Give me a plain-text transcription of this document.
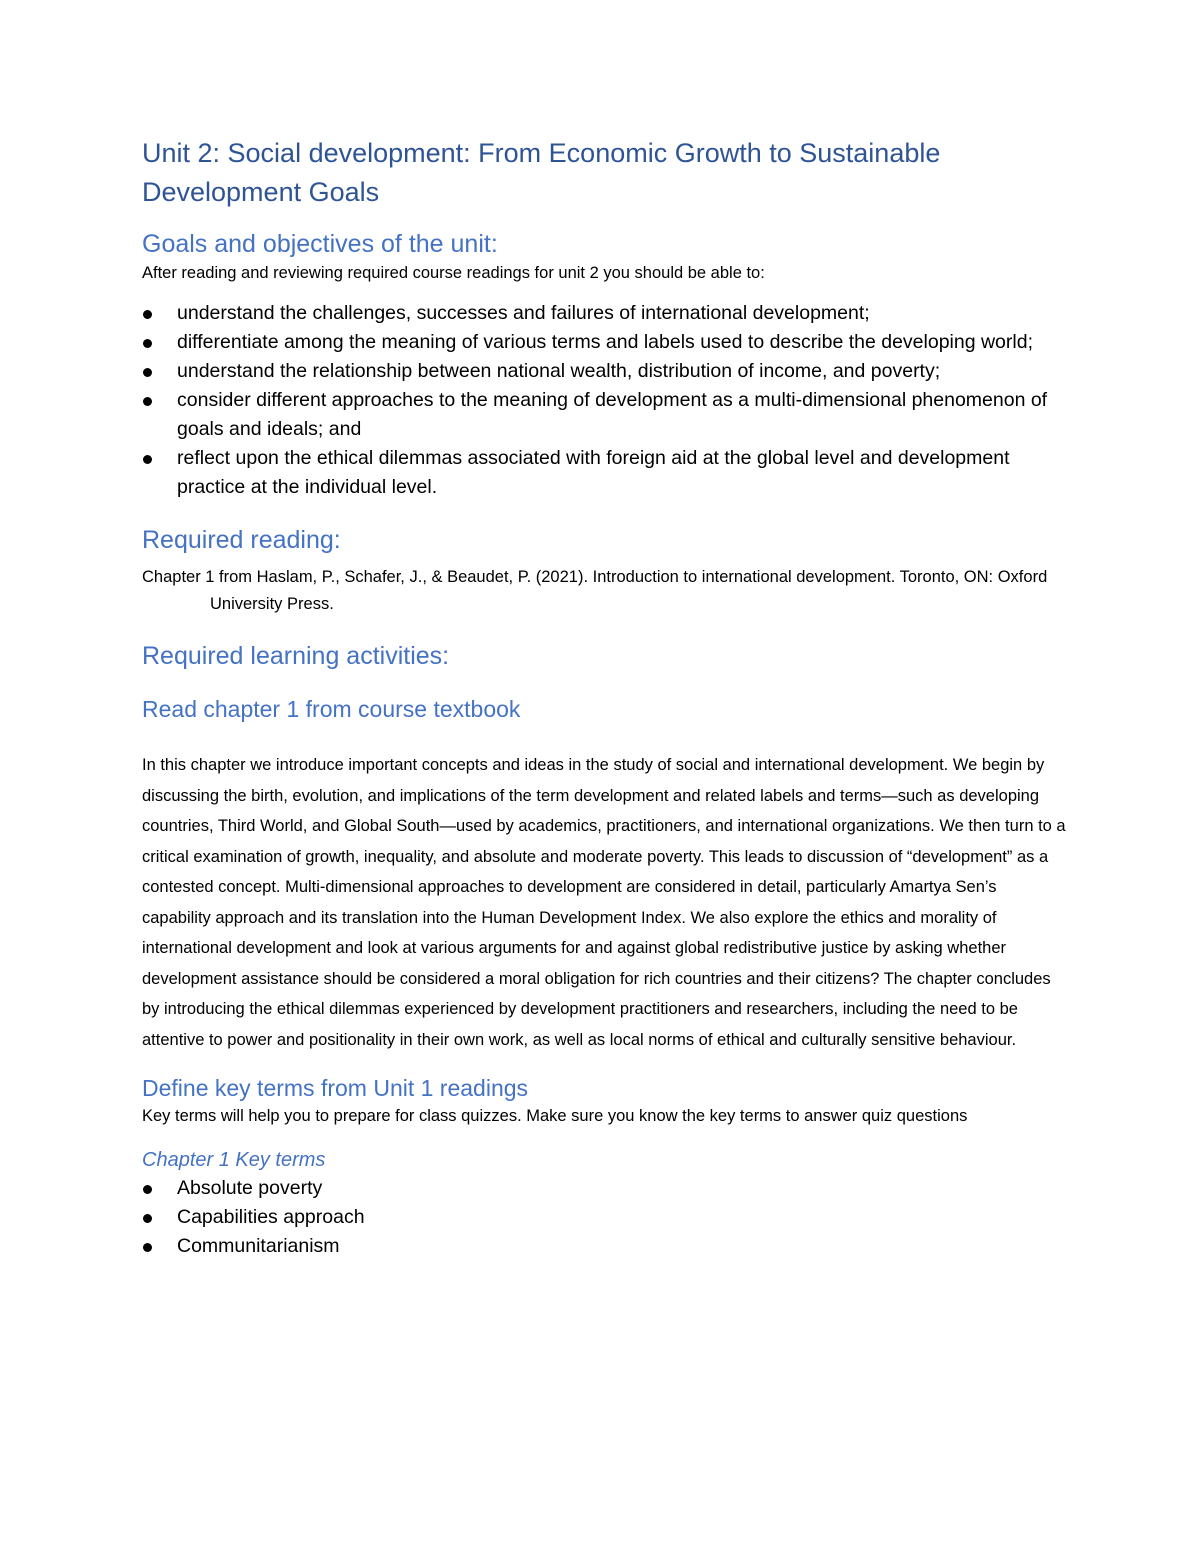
Unit 2: Social development: From Economic Growth to Sustainable Development Goals
Goals and objectives of the unit:

After reading and reviewing required course readings for unit 2 you should be able to:

understand the challenges, successes and failures of international development;
differentiate among the meaning of various terms and labels used to describe the developing world;
understand the relationship between national wealth, distribution of income, and poverty;
consider different approaches to the meaning of development as a multi-dimensional phenomenon of goals and ideals; and
reflect upon the ethical dilemmas associated with foreign aid at the global level and development practice at the individual level.
Required reading:

Chapter 1 from Haslam, P., Schafer, J., & Beaudet, P. (2021). Introduction to international development. Toronto, ON: Oxford University Press.

Required learning activities:
Read chapter 1 from course textbook

In this chapter we introduce important concepts and ideas in the study of social and international development. We begin by discussing the birth, evolution, and implications of the term development and related labels and terms—such as developing countries, Third World, and Global South—used by academics, practitioners, and international organizations. We then turn to a critical examination of growth, inequality, and absolute and moderate poverty. This leads to discussion of “development” as a contested concept. Multi-dimensional approaches to development are considered in detail, particularly Amartya Sen’s capability approach and its translation into the Human Development Index. We also explore the ethics and morality of international development and look at various arguments for and against global redistributive justice by asking whether development assistance should be considered a moral obligation for rich countries and their citizens? The chapter concludes by introducing the ethical dilemmas experienced by development practitioners and researchers, including the need to be attentive to power and positionality in their own work, as well as local norms of ethical and culturally sensitive behaviour.

Define key terms from Unit 1 readings

Key terms will help you to prepare for class quizzes. Make sure you know the key terms to answer quiz questions

Chapter 1 Key terms
Absolute poverty
Capabilities approach
Communitarianism
